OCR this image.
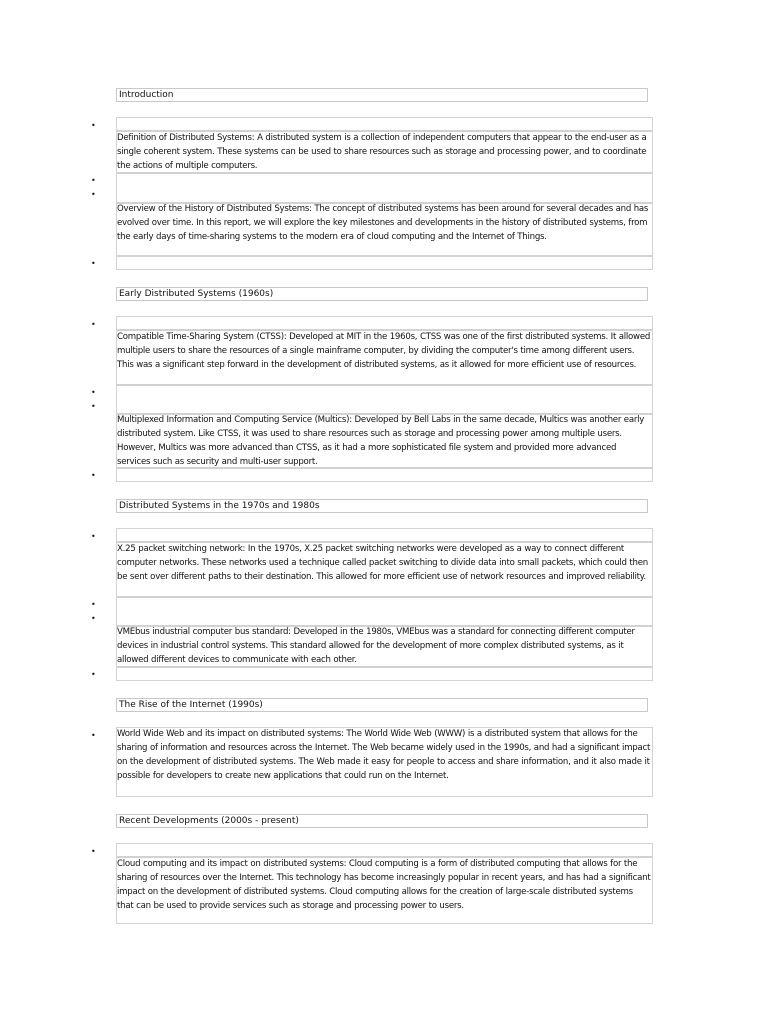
Introduction
•

Definition of Distributed Systems: A distributed system is a collection of independent computers that appear to the end-user as a single coherent system. These systems can be used to share resources such as storage and processing power, and to coordinate the actions of multiple computers.

•
•

Overview of the History of Distributed Systems: The concept of distributed systems has been around for several decades and has evolved over time. In this report, we will explore the key milestones and developments in the history of distributed systems, from the early days of time-sharing systems to the modern era of cloud computing and the Internet of Things.

•
Early Distributed Systems (1960s)
•

Compatible Time-Sharing System (CTSS): Developed at MIT in the 1960s, CTSS was one of the first distributed systems. It allowed multiple users to share the resources of a single mainframe computer, by dividing the computer's time among different users. This was a significant step forward in the development of distributed systems, as it allowed for more efficient use of resources.

•
•

Multiplexed Information and Computing Service (Multics): Developed by Bell Labs in the same decade, Multics was another early distributed system. Like CTSS, it was used to share resources such as storage and processing power among multiple users. However, Multics was more advanced than CTSS, as it had a more sophisticated file system and provided more advanced services such as security and multi-user support.

•
Distributed Systems in the 1970s and 1980s
•

X.25 packet switching network: In the 1970s, X.25 packet switching networks were developed as a way to connect different computer networks. These networks used a technique called packet switching to divide data into small packets, which could then be sent over different paths to their destination. This allowed for more efficient use of network resources and improved reliability.

•
•

VMEbus industrial computer bus standard: Developed in the 1980s, VMEbus was a standard for connecting different computer devices in industrial control systems. This standard allowed for the development of more complex distributed systems, as it allowed different devices to communicate with each other.

•
The Rise of the Internet (1990s)
• World Wide Web and its impact on distributed systems: The World Wide Web (WWW) is a distributed system that allows for the sharing of information and resources across the Internet. The Web became widely used in the 1990s, and had a significant impact on the development of distributed systems. The Web made it easy for people to access and share information, and it also made it possible for developers to create new applications that could run on the Internet.

Recent Developments (2000s - present)
•

Cloud computing and its impact on distributed systems: Cloud computing is a form of distributed computing that allows for the sharing of resources over the Internet. This technology has become increasingly popular in recent years, and has had a significant impact on the development of distributed systems. Cloud computing allows for the creation of large-scale distributed systems that can be used to provide services such as storage and processing power to users.
